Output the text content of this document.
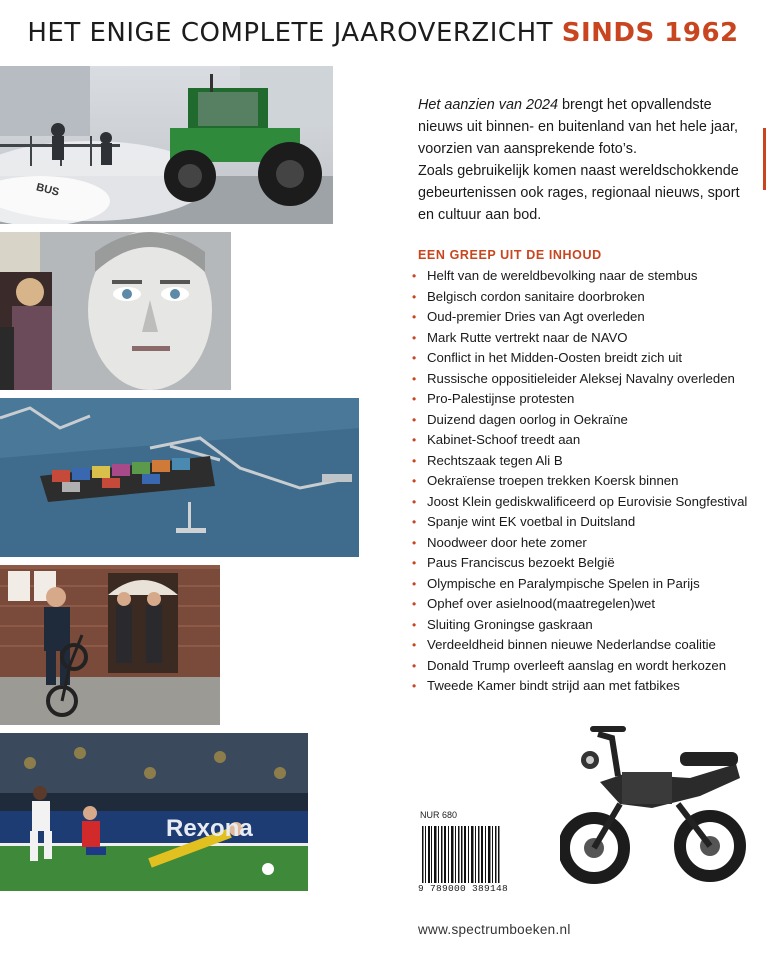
HET ENIGE COMPLETE JAAROVERZICHT SINDS 1962
BUS
Rexona

Het aanzien van 2024 brengt het opvallendste nieuws uit binnen- en buitenland van het hele jaar, voorzien van aansprekende foto’s.

Zoals gebruikelijk komen naast wereldschokkende gebeurtenissen ook rages, regionaal nieuws, sport en cultuur aan bod.

EEN GREEP UIT DE INHOUD
• Helft van de wereldbevolking naar de stembus
• Belgisch cordon sanitaire doorbroken
• Oud-premier Dries van Agt overleden
• Mark Rutte vertrekt naar de NAVO
• Conflict in het Midden-Oosten breidt zich uit
• Russische oppositieleider Aleksej Navalny overleden
• Pro-Palestijnse protesten
• Duizend dagen oorlog in Oekraïne
• Kabinet-Schoof treedt aan
• Rechtszaak tegen Ali B
• Oekraïense troepen trekken Koersk binnen
• Joost Klein gediskwalificeerd op Eurovisie Songfestival
• Spanje wint EK voetbal in Duitsland
• Noodweer door hete zomer
• Paus Franciscus bezoekt België
• Olympische en Paralympische Spelen in Parijs
• Ophef over asielnood(maatregelen)wet
• Sluiting Groningse gaskraan
• Verdeeldheid binnen nieuwe Nederlandse coalitie
• Donald Trump overleeft aanslag en wordt herkozen
• Tweede Kamer bindt strijd aan met fatbikes
NUR 680
9 789000 389148
www.spectrumboeken.nl
